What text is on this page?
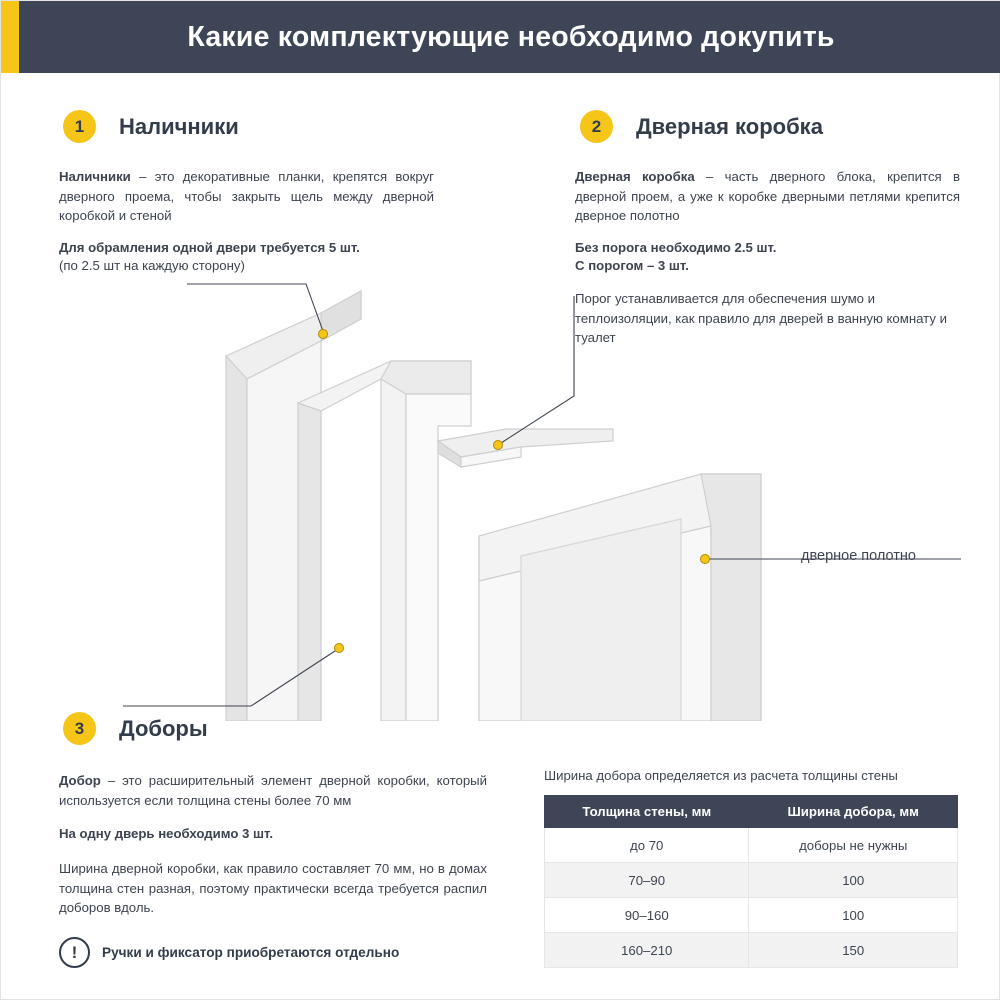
Какие комплектующие необходимо докупить
1	Наличники
Наличники – это декоративные планки, крепятся вокруг дверного проема, чтобы закрыть щель между дверной коробкой и стеной
Для обрамления одной двери требуется 5 шт.
(по 2.5 шт на каждую сторону)
2	Дверная коробка
Дверная коробка – часть дверного блока, крепится в дверной проем, а уже к коробке дверными петлями крепится дверное полотно
Без порога необходимо 2.5 шт.
С порогом – 3 шт.
Порог устанавливается для обеспечения шумо и теплоизоляции, как правило для дверей в ванную комнату и туалет
дверное полотно
3	Доборы
Добор – это расширительный элемент дверной коробки, который используется если толщина стены более 70 мм
На одну дверь необходимо 3 шт.
Ширина дверной коробки, как правило составляет 70 мм, но в домах толщина стен разная, поэтому практически всегда требуется распил доборов вдоль.
!	Ручки и фиксатор приобретаются отдельно
Ширина добора определяется из расчета толщины стены
Толщина стены, мм	Ширина добора, мм
до 70	доборы не нужны
70–90	100
90–160	100
160–210	150
